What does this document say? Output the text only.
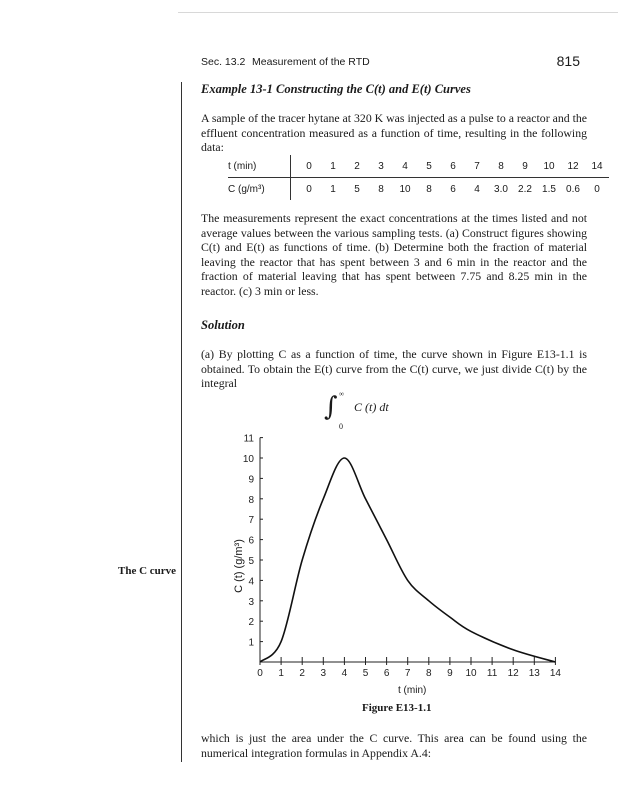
Sec. 13.2 Measurement of the RTD	815
Example 13-1 Constructing the C(t) and E(t) Curves
A sample of the tracer hytane at 320 K was injected as a pulse to a reactor and the effluent concentration measured as a function of time, resulting in the following data:
t (min)		0	1	2	3	4	5	6	7	8	9	10	12	14
C (g/m³)		0	1	5	8	10	8	6	4	3.0	2.2	1.5	0.6	0
The measurements represent the exact concentrations at the times listed and not average values between the various sampling tests. (a) Construct figures showing C(t) and E(t) as functions of time. (b) Determine both the fraction of material leaving the reactor that has spent between 3 and 6 min in the reactor and the fraction of material leaving that has spent between 7.75 and 8.25 min in the reactor. (c) 3 min or less.
Solution
(a) By plotting C as a function of time, the curve shown in Figure E13-1.1 is obtained. To obtain the E(t) curve from the C(t) curve, we just divide C(t) by the integral
∫ ∞
0
C (t) dt
The C curve
0 1 2 3 4 5 6 7 8 9 10 11 12 13 14
1
2
3
4
5
6
7
8
9
10
11
C (t) (g/m³)
t (min)
Figure E13-1.1
which is just the area under the C curve. This area can be found using the numerical integration formulas in Appendix A.4:
